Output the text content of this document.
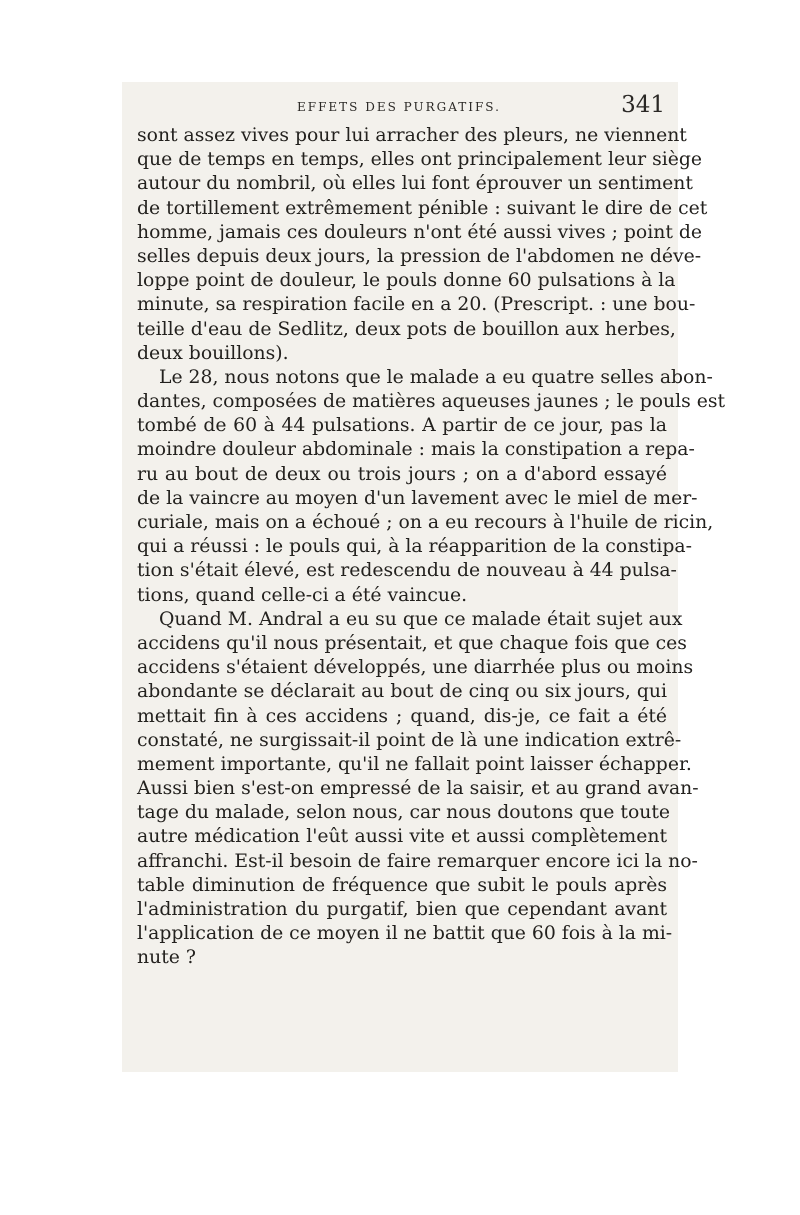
EFFETS DES PURGATIFS.	341

sont assez vives pour lui arracher des pleurs, ne viennent
que de temps en temps, elles ont principalement leur siège
autour du nombril, où elles lui font éprouver un sentiment
de tortillement extrêmement pénible : suivant le dire de cet
homme, jamais ces douleurs n'ont été aussi vives ; point de
selles depuis deux jours, la pression de l'abdomen ne déve-
loppe point de douleur, le pouls donne 60 pulsations à la
minute, sa respiration facile en a 20. (Prescript. : une bou-
teille d'eau de Sedlitz, deux pots de bouillon aux herbes,
deux bouillons).

Le 28, nous notons que le malade a eu quatre selles abon-
dantes, composées de matières aqueuses jaunes ; le pouls est
tombé de 60 à 44 pulsations. A partir de ce jour, pas la
moindre douleur abdominale : mais la constipation a repa-
ru au bout de deux ou trois jours ; on a d'abord essayé
de la vaincre au moyen d'un lavement avec le miel de mer-
curiale, mais on a échoué ; on a eu recours à l'huile de ricin,
qui a réussi : le pouls qui, à la réapparition de la constipa-
tion s'était élevé, est redescendu de nouveau à 44 pulsa-
tions, quand celle-ci a été vaincue.

Quand M. Andral a eu su que ce malade était sujet aux
accidens qu'il nous présentait, et que chaque fois que ces
accidens s'étaient développés, une diarrhée plus ou moins
abondante se déclarait au bout de cinq ou six jours, qui
mettait fin à ces accidens ; quand, dis-je, ce fait a été
constaté, ne surgissait-il point de là une indication extrê-
mement importante, qu'il ne fallait point laisser échapper.
Aussi bien s'est-on empressé de la saisir, et au grand avan-
tage du malade, selon nous, car nous doutons que toute
autre médication l'eût aussi vite et aussi complètement
affranchi. Est-il besoin de faire remarquer encore ici la no-
table diminution de fréquence que subit le pouls après
l'administration du purgatif, bien que cependant avant
l'application de ce moyen il ne battit que 60 fois à la mi-
nute ?
